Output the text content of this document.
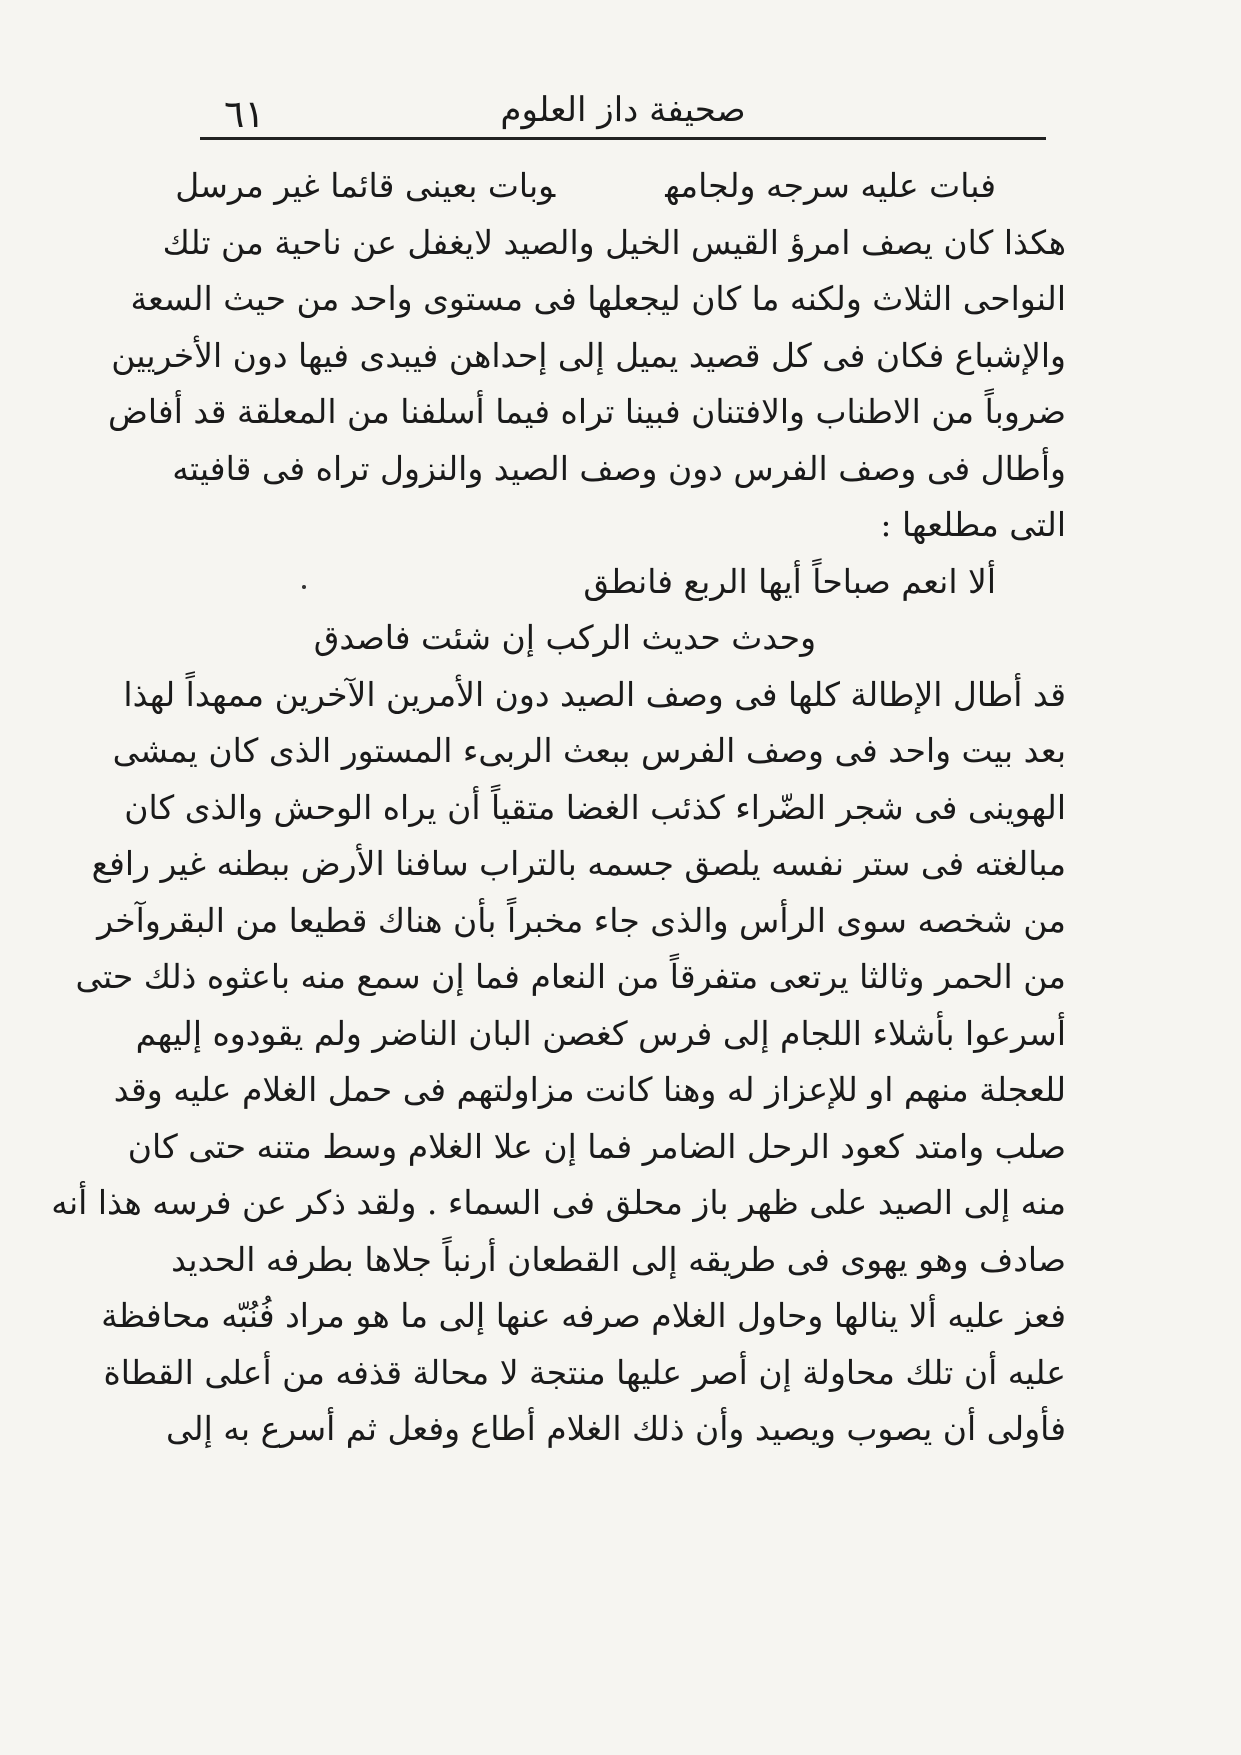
٦١	صحيفة داز العلوم
فبات عليه سرجه ولجامهوبات بعينى قائما غير مرسل
هكذا كان يصف امرؤ القيس الخيل والصيد لايغفل عن ناحية من تلك
النواحى الثلاث ولكنه ما كان ليجعلها فى مستوى واحد من حيث السعة
والإشباع فكان فى كل قصيد يميل إلى إحداهن فيبدى فيها دون الأخريين
ضروباً من الاطناب والافتنان فبينا تراه فيما أسلفنا من المعلقة قد أفاض
وأطال فى وصف الفرس دون وصف الصيد والنزول تراه فى قافيته
التى مطلعها :
ألا انعم صباحاً أيها الربع فانطق
وحدث حديث الركب إن شئت فاصدق
قد أطال الإطالة كلها فى وصف الصيد دون الأمرين الآخرين ممهداً لهذا
بعد بيت واحد فى وصف الفرس ببعث الربىء المستور الذى كان يمشى
الهوينى فى شجر الضّراء كذئب الغضا متقياً أن يراه الوحش والذى كان
مبالغته فى ستر نفسه يلصق جسمه بالتراب سافنا الأرض ببطنه غير رافع
من شخصه سوى الرأس والذى جاء مخبراً بأن هناك قطيعا من البقروآخر
من الحمر وثالثا يرتعى متفرقاً من النعام فما إن سمع منه باعثوه ذلك حتى
أسرعوا بأشلاء اللجام إلى فرس كغصن البان الناضر ولم يقودوه إليهم
للعجلة منهم او للإعزاز له وهنا كانت مزاولتهم فى حمل الغلام عليه وقد
صلب وامتد كعود الرحل الضامر فما إن علا الغلام وسط متنه حتى كان
منه إلى الصيد على ظهر باز محلق فى السماء . ولقد ذكر عن فرسه هذا أنه
صادف وهو يهوى فى طريقه إلى القطعان أرنباً جلاها بطرفه الحديد
فعز عليه ألا ينالها وحاول الغلام صرفه عنها إلى ما هو مراد فُنُبّه محافظة
عليه أن تلك محاولة إن أصر عليها منتجة لا محالة قذفه من أعلى القطاة
فأولى أن يصوب ويصيد وأن ذلك الغلام أطاع وفعل ثم أسرع به إلى
